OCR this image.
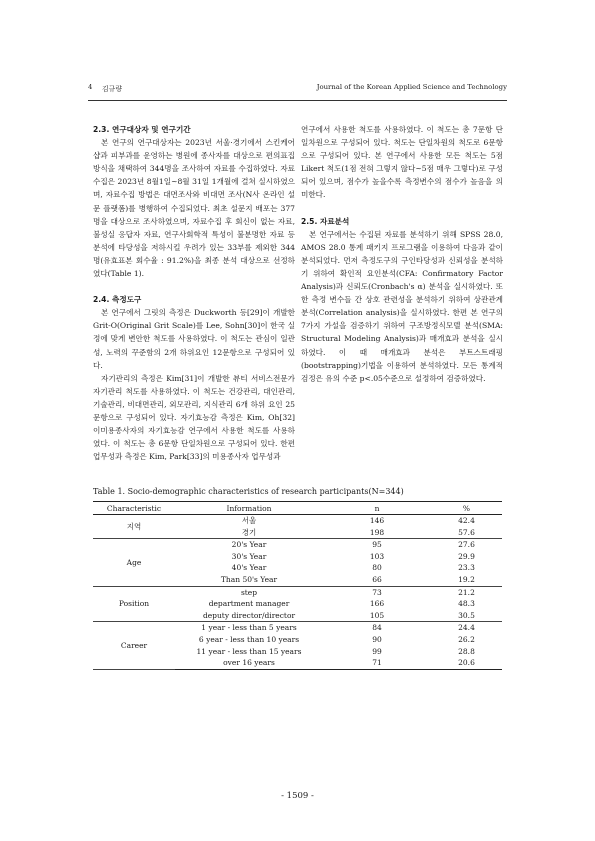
4 김규량	Journal of the Korean Applied Science and Technology
2.3. 연구대상자 및 연구기간

본 연구의 연구대상자는 2023년 서울·경기에서 스킨케어 샵과 피부과를 운영하는 병원에 종사자를 대상으로 편의표집방식을 채택하여 344명을 조사하여 자료를 수집하였다. 자료 수집은 2023년 8월1일~8월 31일 1개월에 걸쳐 실시하였으며, 자료수집 방법은 대면조사와 비대면 조사(N사 온라인 설문 플랫폼)를 병행하여 수집되었다. 최초 설문지 배포는 377명을 대상으로 조사하였으며, 자료수집 후 회신이 없는 자료, 불성실 응답자 자료, 연구사회학적 특성이 불분명한 자료 등 분석에 타당성을 저하시킬 우려가 있는 33부를 제외한 344명(유효표본 회수율 : 91.2%)을 최종 분석 대상으로 선정하였다(Table 1).

2.4. 측정도구

본 연구에서 그릿의 측정은 Duckworth 등[29]이 개발한 Grit-O(Original Grit Scale)를 Lee, Sohn[30]이 한국 실정에 맞게 변안한 척도를 사용하였다. 이 척도는 관심이 일관성, 노력의 꾸준함의 2개 하위요인 12문항으로 구성되어 있다.

자기관리의 측정은 Kim[31]이 개발한 뷰티 서비스전문가 자기관리 척도를 사용하였다. 이 척도는 건강관리, 대인관리, 기술관리, 비대면관리, 외모관리, 지식관리 6개 하위 요인 25문항으로 구성되어 있다. 자기효능감 측정은 Kim, Oh[32] 이미용종사자의 자기효능감 연구에서 사용한 척도를 사용하였다. 이 척도는 총 6문항 단일차원으로 구성되어 있다. 한편 업무성과 측정은 Kim, Park[33]의 미용종사자 업무성과

연구에서 사용한 척도를 사용하였다. 이 척도는 총 7문항 단일차원으로 구성되어 있다. 척도는 단일차원의 척도로 6문항으로 구성되어 있다. 본 연구에서 사용한 모든 척도는 5점 Likert 척도(1점 전혀 그렇지 않다~5점 매우 그렇다)로 구성되어 있으며, 점수가 높을수록 측정변수의 점수가 높음을 의미한다.
2.5. 자료분석

본 연구에서는 수집된 자료를 분석하기 위해 SPSS 28.0, AMOS 28.0 통계 패키지 프로그램을 이용하여 다음과 같이 분석되었다. 먼저 측정도구의 구인타당성과 신뢰성을 분석하기 위하여 확인적 요인분석(CFA: Confirmatory Factor Analysis)과 신뢰도(Cronbach's α) 분석을 실시하였다. 또한 측정 변수들 간 상호 관련성을 분석하기 위하여 상관관계 분석(Correlation analysis)을 실시하였다. 한편 본 연구의 7가지 가설을 검증하기 위하여 구조방정식모델 분석(SMA: Structural Modeling Analysis)과 매개효과 분석을 실시하였다. 이 때 매개효과 분석은 부트스트래핑(bootstrapping)기법을 이용하여 분석하였다. 모든 통계적 검정은 유의 수준 p<.05수준으로 설정하여 검증하였다.

Table 1. Socio-demographic characteristics of research participants(N=344)
Characteristic	Information	n	%
지역	서울	146	42.4
	경기	198	57.6
Age	20's Year	95	27.6
	30's Year	103	29.9
	40's Year	80	23.3
	Than 50's Year	66	19.2
Position	step	73	21.2
	department manager	166	48.3
	deputy director/director	105	30.5
Career	1 year - less than 5 years	84	24.4
	6 year - less than 10 years	90	26.2
	11 year - less than 15 years	99	28.8
	over 16 years	71	20.6
- 1509 -
